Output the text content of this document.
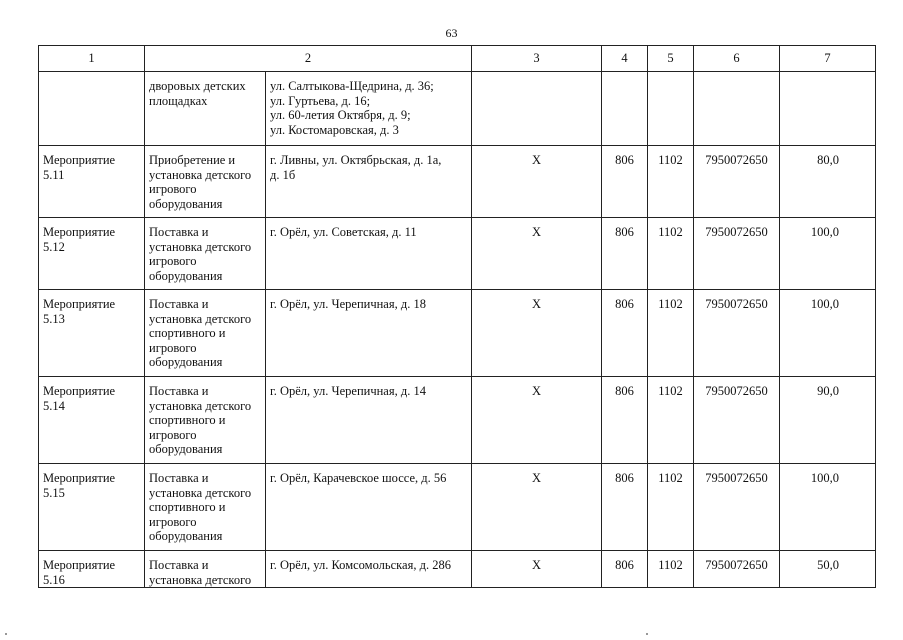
63
1	2		3	4	5	6	7

	дворовых детских
площадках	ул. Салтыкова-Щедрина, д. 36;
ул. Гуртьева, д. 16;
ул. 60-летия Октября, д. 9;
ул. Костомаровская, д. 3					

Мероприятие
5.11	Приобретение и
установка детского
игрового
оборудования	г. Ливны, ул. Октябрьская, д. 1а,
д. 1б	Х	806	1102	7950072650	80,0

Мероприятие
5.12	Поставка и
установка детского
игрового
оборудования	г. Орёл, ул. Советская, д. 11	Х	806	1102	7950072650	100,0

Мероприятие
5.13	Поставка и
установка детского
спортивного и
игрового
оборудования	г. Орёл, ул. Черепичная, д. 18	Х	806	1102	7950072650	100,0

Мероприятие
5.14	Поставка и
установка детского
спортивного и
игрового
оборудования	г. Орёл, ул. Черепичная, д. 14	Х	806	1102	7950072650	90,0

Мероприятие
5.15	Поставка и
установка детского
спортивного и
игрового
оборудования	г. Орёл, Карачевское шоссе, д. 56	Х	806	1102	7950072650	100,0

Мероприятие
5.16	Поставка и
установка детского	г. Орёл, ул. Комсомольская, д. 286	Х	806	1102	7950072650	50,0
